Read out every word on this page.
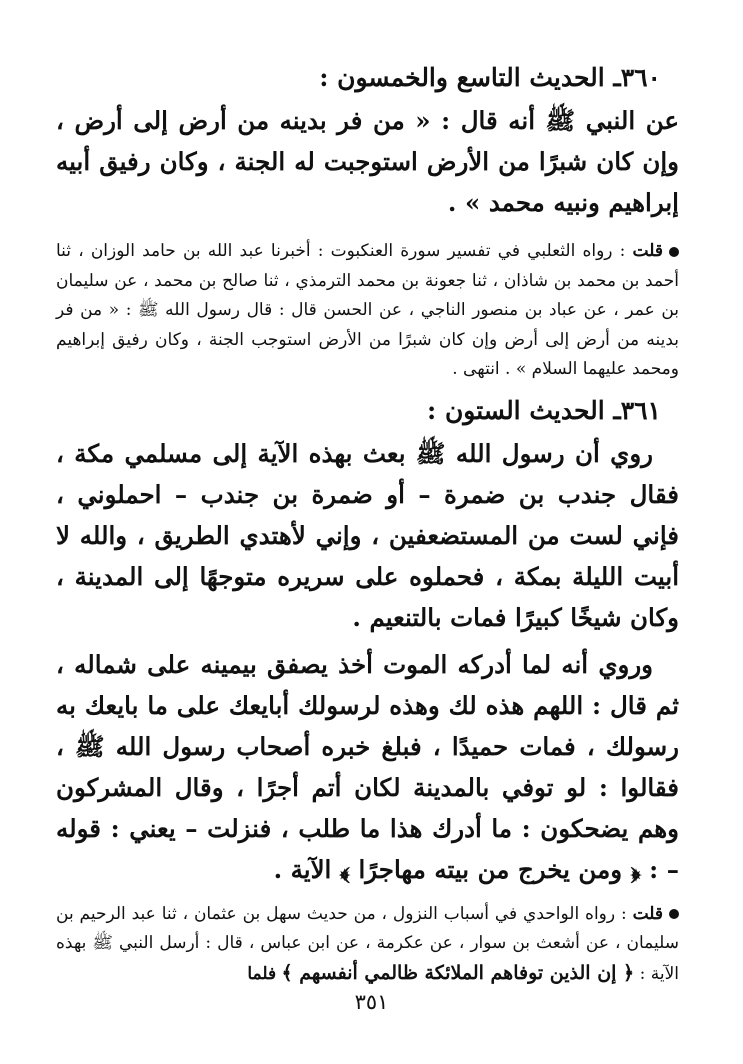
٣٦٠ـ الحديث التاسع والخمسون :

عن النبي ﷺ أنه قال : « من فر بدينه من أرض إلى أرض ، وإن كان شبرًا من الأرض استوجبت له الجنة ، وكان رفيق أبيه إبراهيم ونبيه محمد » .

قلت : رواه الثعلبي في تفسير سورة العنكبوت : أخبرنا عبد الله بن حامد الوزان ، ثنا أحمد بن محمد بن شاذان ، ثنا جعونة بن محمد الترمذي ، ثنا صالح بن محمد ، عن سليمان بن عمر ، عن عباد بن منصور الناجي ، عن الحسن قال : قال رسول الله ﷺ : « من فر بدينه من أرض إلى أرض وإن كان شبرًا من الأرض استوجب الجنة ، وكان رفيق إبراهيم ومحمد عليهما السلام » . انتهى .

٣٦١ـ الحديث الستون :

روي أن رسول الله ﷺ بعث بهذه الآية إلى مسلمي مكة ، فقال جندب بن ضمرة – أو ضمرة بن جندب – احملوني ، فإني لست من المستضعفين ، وإني لأهتدي الطريق ، والله لا أبيت الليلة بمكة ، فحملوه على سريره متوجهًا إلى المدينة ، وكان شيخًا كبيرًا فمات بالتنعيم .

وروي أنه لما أدركه الموت أخذ يصفق بيمينه على شماله ، ثم قال : اللهم هذه لك وهذه لرسولك أبايعك على ما بايعك به رسولك ، فمات حميدًا ، فبلغ خبره أصحاب رسول الله ﷺ ، فقالوا : لو توفي بالمدينة لكان أتم أجرًا ، وقال المشركون وهم يضحكون : ما أدرك هذا ما طلب ، فنزلت – يعني : قوله – : ﴿ ومن يخرج من بيته مهاجرًا ﴾ الآية .

قلت : رواه الواحدي في أسباب النزول ، من حديث سهل بن عثمان ، ثنا عبد الرحيم بن سليمان ، عن أشعث بن سوار ، عن عكرمة ، عن ابن عباس ، قال : أرسل النبي ﷺ بهذه الآية : ﴿ إن الذين توفاهم الملائكة ظالمي أنفسهم ﴾ فلما

٣٥١
